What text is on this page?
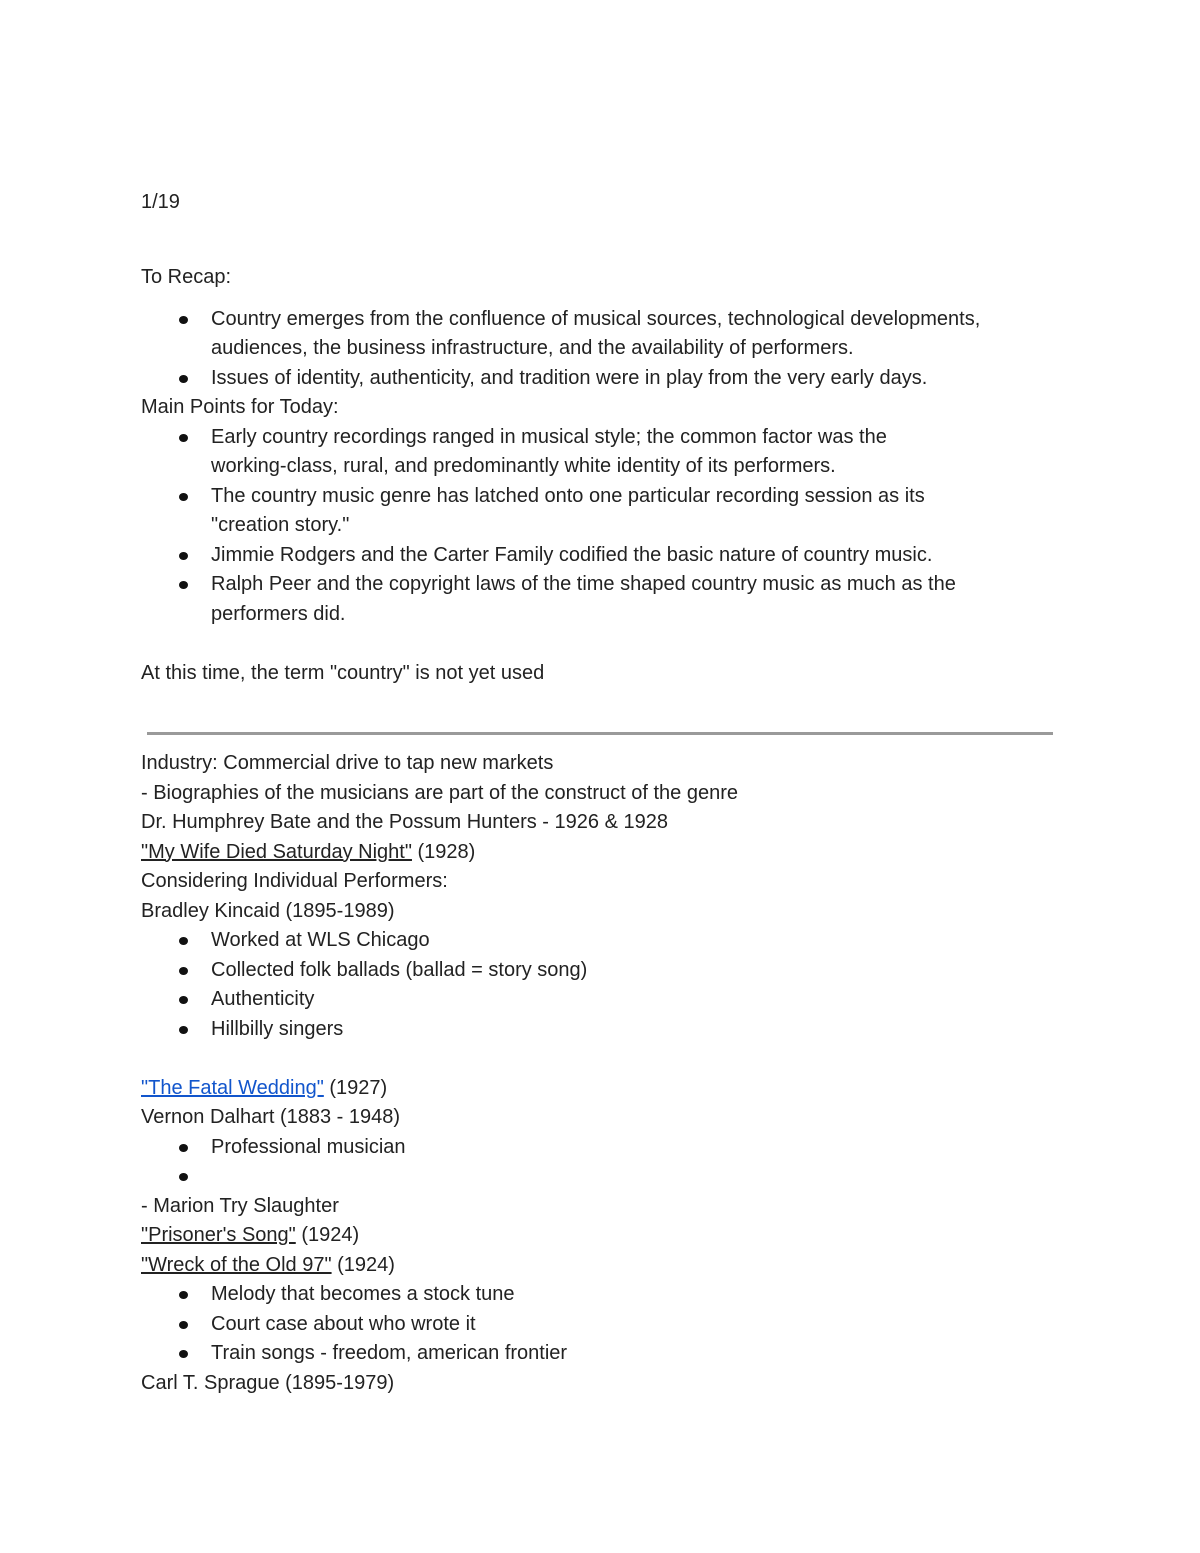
1/19
To Recap:
Country emerges from the confluence of musical sources, technological developments,
audiences, the business infrastructure, and the availability of performers.
Issues of identity, authenticity, and tradition were in play from the very early days.
Main Points for Today:
Early country recordings ranged in musical style; the common factor was the
working-class, rural, and predominantly white identity of its performers.
The country music genre has latched onto one particular recording session as its
"creation story."
Jimmie Rodgers and the Carter Family codified the basic nature of country music.
Ralph Peer and the copyright laws of the time shaped country music as much as the
performers did.
At this time, the term "country" is not yet used
Industry: Commercial drive to tap new markets
- Biographies of the musicians are part of the construct of the genre
Dr. Humphrey Bate and the Possum Hunters - 1926 & 1928
"My Wife Died Saturday Night" (1928)
Considering Individual Performers:
Bradley Kincaid (1895-1989)
Worked at WLS Chicago
Collected folk ballads (ballad = story song)
Authenticity
Hillbilly singers
"The Fatal Wedding" (1927)
Vernon Dalhart (1883 - 1948)
Professional musician
- Marion Try Slaughter
"Prisoner's Song" (1924)
"Wreck of the Old 97" (1924)
Melody that becomes a stock tune
Court case about who wrote it
Train songs - freedom, american frontier
Carl T. Sprague (1895-1979)
